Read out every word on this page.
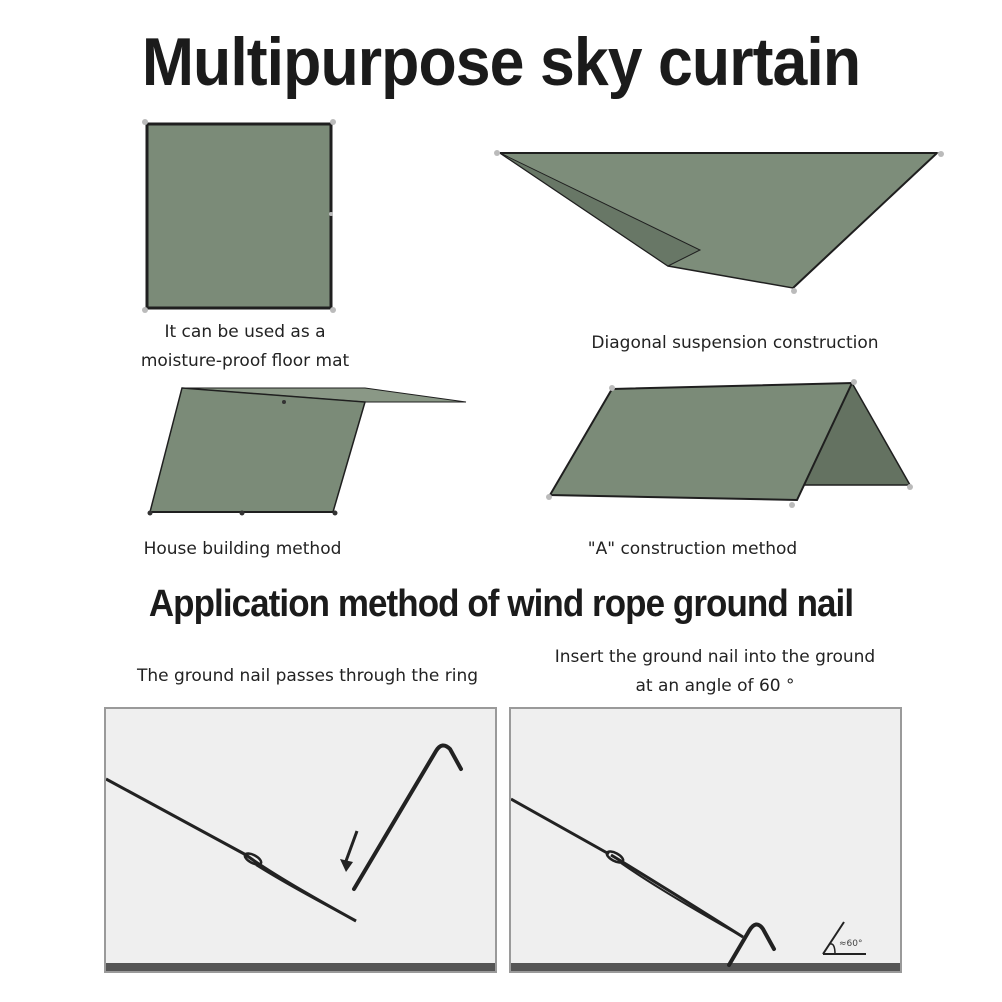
Multipurpose sky curtain
Application method of wind rope ground nail
It can be used as a
moisture-proof floor mat
Diagonal suspension construction
House building method	"A" construction method
The ground nail passes through the ring
Insert the ground nail into the ground
at an angle of 60 °
≈60°
